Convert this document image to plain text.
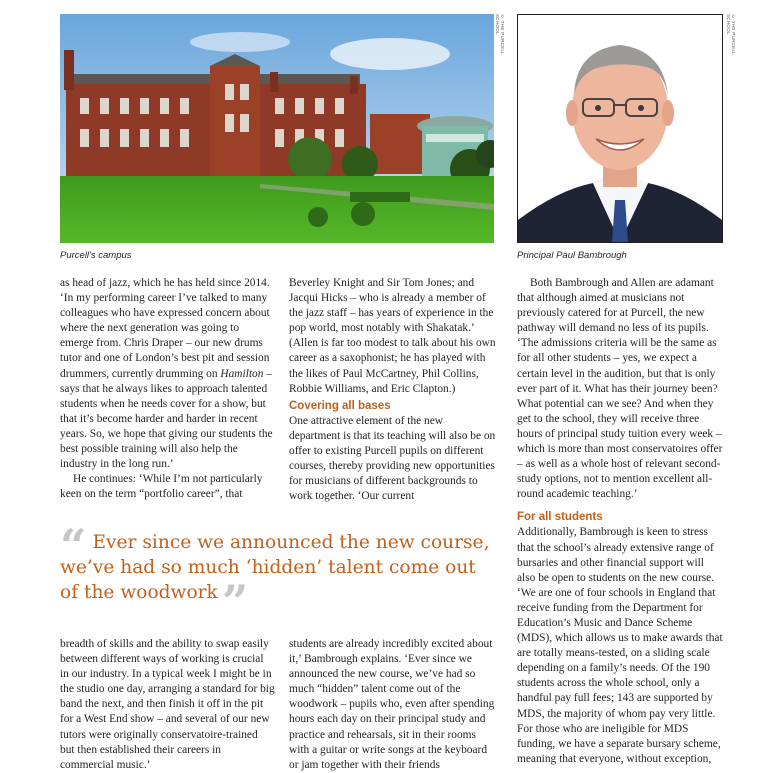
© THE PURCELL SCHOOL
Purcell's campus
© THE PURCELL SCHOOL
Principal Paul Bambrough

as head of jazz, which he has held since 2014. ‘In my performing career I’ve talked to many colleagues who have expressed concern about where the next generation was going to emerge from. Chris Draper – our new drums tutor and one of London’s best pit and session drummers, currently drumming on Hamilton – says that he always likes to approach talented students when he needs cover for a show, but that it’s become harder and harder in recent years. So, we hope that giving our students the best possible training will also help the industry in the long run.’

He continues: ‘While I’m not particularly keen on the term “portfolio career”, that

Beverley Knight and Sir Tom Jones; and Jacqui Hicks – who is already a member of the jazz staff – has years of experience in the pop world, most notably with Shakatak.’ (Allen is far too modest to talk about his own career as a saxophonist; he has played with the likes of Paul McCartney, Phil Collins, Robbie Williams, and Eric Clapton.)

Covering all bases

One attractive element of the new department is that its teaching will also be on offer to existing Purcell pupils on different courses, thereby providing new opportunities for musicians of different backgrounds to work together. ‘Our current

“ Ever since we announced the new course, we’ve had so much ‘hidden’ talent come out of the woodwork”

breadth of skills and the ability to swap easily between different ways of working is crucial in our industry. In a typical week I might be in the studio one day, arranging a standard for big band the next, and then finish it off in the pit for a West End show – and several of our new tutors were originally conservatoire-trained but then established their careers in commercial music.’

students are already incredibly excited about it,’ Bambrough explains. ‘Ever since we announced the new course, we’ve had so much “hidden” talent come out of the woodwork – pupils who, even after spending hours each day on their principal study and practice and rehearsals, sit in their rooms with a guitar or write songs at the keyboard or jam together with their friends

Both Bambrough and Allen are adamant that although aimed at musicians not previously catered for at Purcell, the new pathway will demand no less of its pupils. ‘The admissions criteria will be the same as for all other students – yes, we expect a certain level in the audition, but that is only ever part of it. What has their journey been? What potential can we see? And when they get to the school, they will receive three hours of principal study tuition every week – which is more than most conservatoires offer – as well as a whole host of relevant second-study options, not to mention excellent all-round academic teaching.’

For all students

Additionally, Bambrough is keen to stress that the school’s already extensive range of bursaries and other financial support will also be open to students on the new course. ‘We are one of four schools in England that receive funding from the Department for Education’s Music and Dance Scheme (MDS), which allows us to make awards that are totally means-tested, on a sliding scale depending on a family’s needs. Of the 190 students across the whole school, only a handful pay full fees; 143 are supported by MDS, the majority of whom pay very little. For those who are ineligible for MDS funding, we have a separate bursary scheme, meaning that everyone, without exception,
